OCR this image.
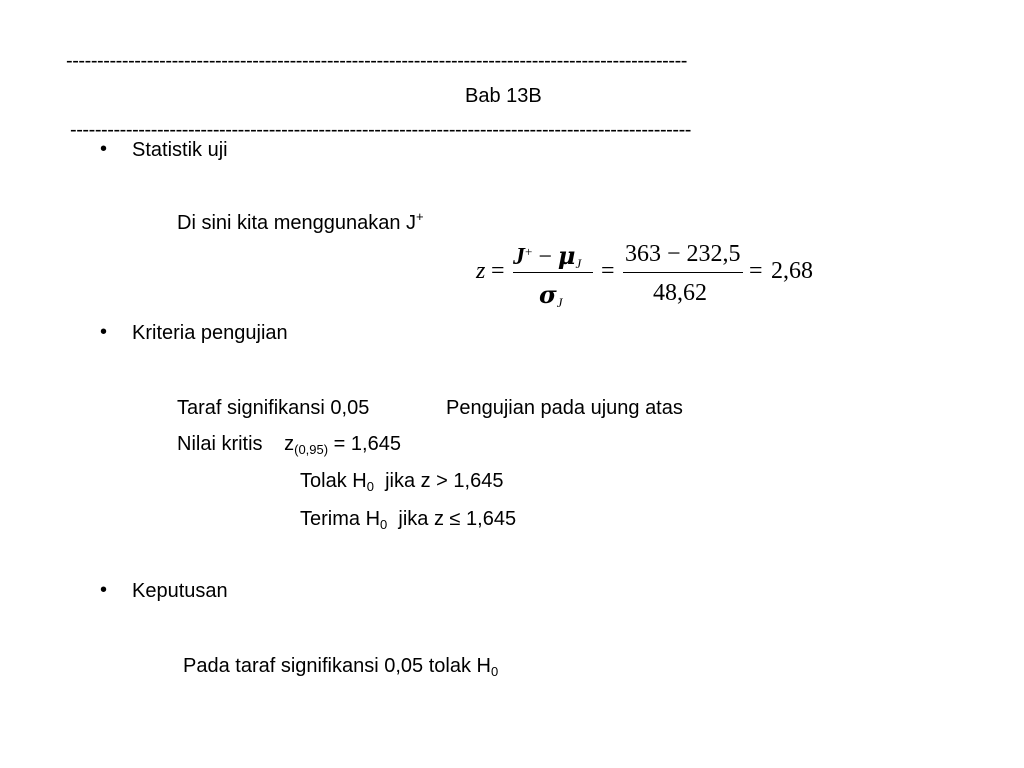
----------------------------------------------------------------------------------------------------
Bab 13B
----------------------------------------------------------------------------------------------------
• Statistik uji
Di sini kita menggunakan J+
z =
$J^+ - \mu_J$
$\sigma_J$
=
363 − 232,5
48,62
= 2,68
• Kriteria pengujian
Taraf signifikansi 0,05	Pengujian pada ujung atas
Nilai kritis $z_{(0,95)} = 1,645$
Tolak $H_0$ jika z > 1,645
Terima $H_0$ jika z ≤ 1,645
• Keputusan
Pada taraf signifikansi 0,05 tolak $H_0$
